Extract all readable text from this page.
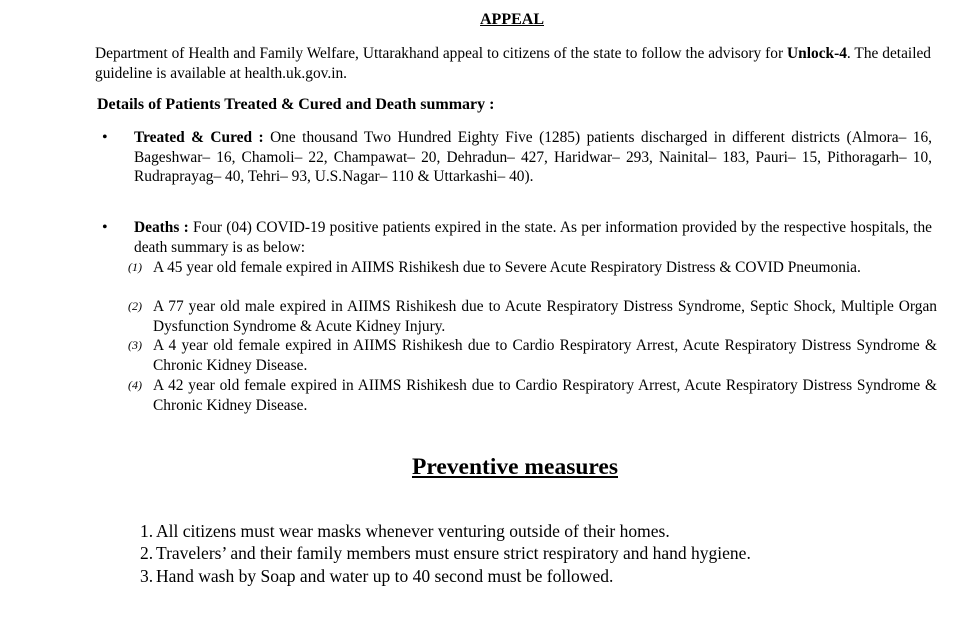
APPEAL
Department of Health and Family Welfare, Uttarakhand appeal to citizens of the state to follow the advisory for Unlock-4. The detailed guideline is available at health.uk.gov.in.
Details of Patients Treated & Cured and Death summary :
• Treated & Cured : One thousand Two Hundred Eighty Five (1285) patients discharged in different districts (Almora– 16, Bageshwar– 16, Chamoli– 22, Champawat– 20, Dehradun– 427, Haridwar– 293, Nainital– 183, Pauri– 15, Pithoragarh– 10, Rudraprayag– 40, Tehri– 93, U.S.Nagar– 110 & Uttarkashi– 40).
• Deaths : Four (04) COVID-19 positive patients expired in the state. As per information provided by the respective hospitals, the death summary is as below:
(1) A 45 year old female expired in AIIMS Rishikesh due to Severe Acute Respiratory Distress & COVID Pneumonia.
(2) A 77 year old male expired in AIIMS Rishikesh due to Acute Respiratory Distress Syndrome, Septic Shock, Multiple Organ Dysfunction Syndrome & Acute Kidney Injury.
(3) A 4 year old female expired in AIIMS Rishikesh due to Cardio Respiratory Arrest, Acute Respiratory Distress Syndrome & Chronic Kidney Disease.
(4) A 42 year old female expired in AIIMS Rishikesh due to Cardio Respiratory Arrest, Acute Respiratory Distress Syndrome & Chronic Kidney Disease.
Preventive measures
1. All citizens must wear masks whenever venturing outside of their homes.
2. Travelers’ and their family members must ensure strict respiratory and hand hygiene.
3. Hand wash by Soap and water up to 40 second must be followed.
